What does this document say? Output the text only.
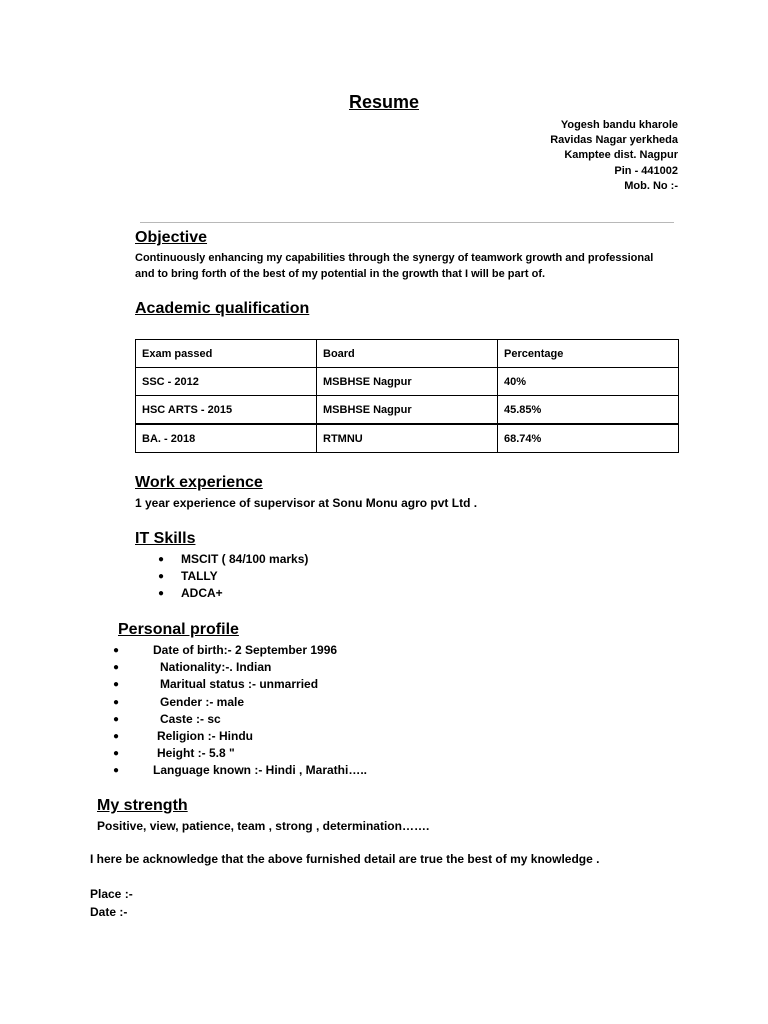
Resume
Yogesh bandu kharole
Ravidas Nagar yerkheda
Kamptee dist. Nagpur
Pin - 441002
Mob. No :-
Objective
Continuously enhancing my capabilities through the synergy of teamwork growth and professional
and to bring forth of the best of my potential in the growth that I will be part of.
Academic qualification
Exam passed	Board	Percentage
SSC - 2012	MSBHSE Nagpur	40%
HSC ARTS - 2015	MSBHSE Nagpur	45.85%
BA. - 2018	RTMNU	68.74%
Work experience
1 year experience of supervisor at Sonu Monu agro pvt Ltd .
IT Skills
● MSCIT ( 84/100 marks)
● TALLY
● ADCA+
Personal profile
●	Date of birth:- 2 September 1996
●	Nationality:-. Indian
●	Maritual status :- unmarried
●	Gender :- male
●	Caste :- sc
●	Religion :- Hindu
●	Height :- 5.8 "
●	Language known :- Hindi , Marathi…..
My strength
Positive, view, patience, team , strong , determination…….
I here be acknowledge that the above furnished detail are true the best of my knowledge .
Place :-
Date :-
